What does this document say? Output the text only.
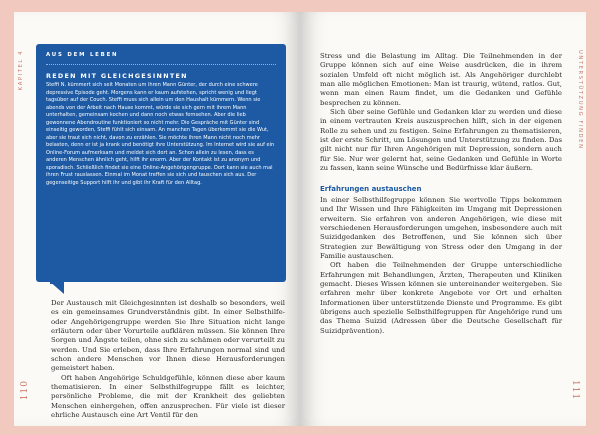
KAPITEL 4	AUS DEM LEBEN
REDEN MIT GLEICHGESINNTEN

Steffi N. kümmert sich seit Monaten um ihren Mann Günter, der durch eine schwere depressive Episode geht. Morgens kann er kaum aufstehen, spricht wenig und liegt tagsüber auf der Couch. Steffi muss sich allein um den Haushalt kümmern. Wenn sie abends von der Arbeit nach Hause kommt, würde sie sich gern mit ihrem Mann unterhalten, gemeinsam kochen und dann noch etwas fernsehen. Aber die lieb gewonnene Abendroutine funktioniert so nicht mehr. Die Gespräche mit Günter sind einseitig geworden, Steffi fühlt sich einsam. An manchen Tagen überkommt sie die Wut, aber sie traut sich nicht, davon zu erzählen. Sie möchte ihren Mann nicht noch mehr belasten, denn er ist ja krank und benötigt ihre Unterstützung. Im Internet wird sie auf ein Online-Forum aufmerksam und meldet sich dort an. Schon allein zu lesen, dass es anderen Menschen ähnlich geht, hilft ihr enorm. Aber der Kontakt ist zu anonym und sporadisch. Schließlich findet sie eine Online-Angehörigengruppe. Dort kann sie auch mal ihren Frust rauslassen. Einmal im Monat treffen sie sich und tauschen sich aus. Der gegenseitige Support hilft ihr und gibt ihr Kraft für den Alltag.

Der Austausch mit Gleichgesinnten ist deshalb so besonders, weil es ein gemeinsames Grundverständnis gibt. In einer Selbsthilfe- oder Angehörigengruppe werden Sie Ihre Situation nicht lange erläutern oder über Vorurteile aufklären müssen. Sie können Ihre Sorgen und Ängste teilen, ohne sich zu schämen oder verurteilt zu werden. Und Sie erleben, dass Ihre Erfahrungen normal sind und schon andere Menschen vor Ihnen diese Herausforderungen gemeistert haben.

Oft haben Angehörige Schuldgefühle, können diese aber kaum thematisieren. In einer Selbsthilfegruppe fällt es leichter, persönliche Probleme, die mit der Krankheit des geliebten Menschen einhergehen, offen anzusprechen. Für viele ist dieser ehrliche Austausch eine Art Ventil für den

110
UNTERSTÜTZUNG FINDEN

Stress und die Belastung im Alltag. Die Teilnehmenden in der Gruppe können sich auf eine Weise ausdrücken, die in ihrem sozialen Umfeld oft nicht möglich ist. Als Angehöriger durchlebt man alle möglichen Emotionen: Man ist traurig, wütend, ratlos. Gut, wenn man einen Raum findet, um die Gedanken und Gefühle besprechen zu können.

Sich über seine Gefühle und Gedanken klar zu werden und diese in einem vertrauten Kreis auszusprechen hilft, sich in der eigenen Rolle zu sehen und zu festigen. Seine Erfahrungen zu thematisieren, ist der erste Schritt, um Lösungen und Unterstützung zu finden. Das gilt nicht nur für Ihren Angehörigen mit Depression, sondern auch für Sie. Nur wer gelernt hat, seine Gedanken und Gefühle in Worte zu fassen, kann seine Wünsche und Bedürfnisse klar äußern.

Erfahrungen austauschen

In einer Selbsthilfegruppe können Sie wertvolle Tipps bekommen und Ihr Wissen und Ihre Fähigkeiten im Umgang mit Depressionen erweitern. Sie erfahren von anderen Angehörigen, wie diese mit verschiedenen Herausforderungen umgehen, insbesondere auch mit Suizidgedanken des Betroffenen, und Sie können sich über Strategien zur Bewältigung von Stress oder den Umgang in der Familie austauschen.

Oft haben die Teilnehmenden der Gruppe unterschiedliche Erfahrungen mit Behandlungen, Ärzten, Therapeuten und Kliniken gemacht. Dieses Wissen können sie untereinander weitergeben. Sie erfahren mehr über konkrete Angebote vor Ort und erhalten Informationen über unterstützende Dienste und Programme. Es gibt übrigens auch spezielle Selbsthilfegruppen für Angehörige rund um das Thema Suizid (Adressen über die Deutsche Gesellschaft für Suizidprävention).

111
